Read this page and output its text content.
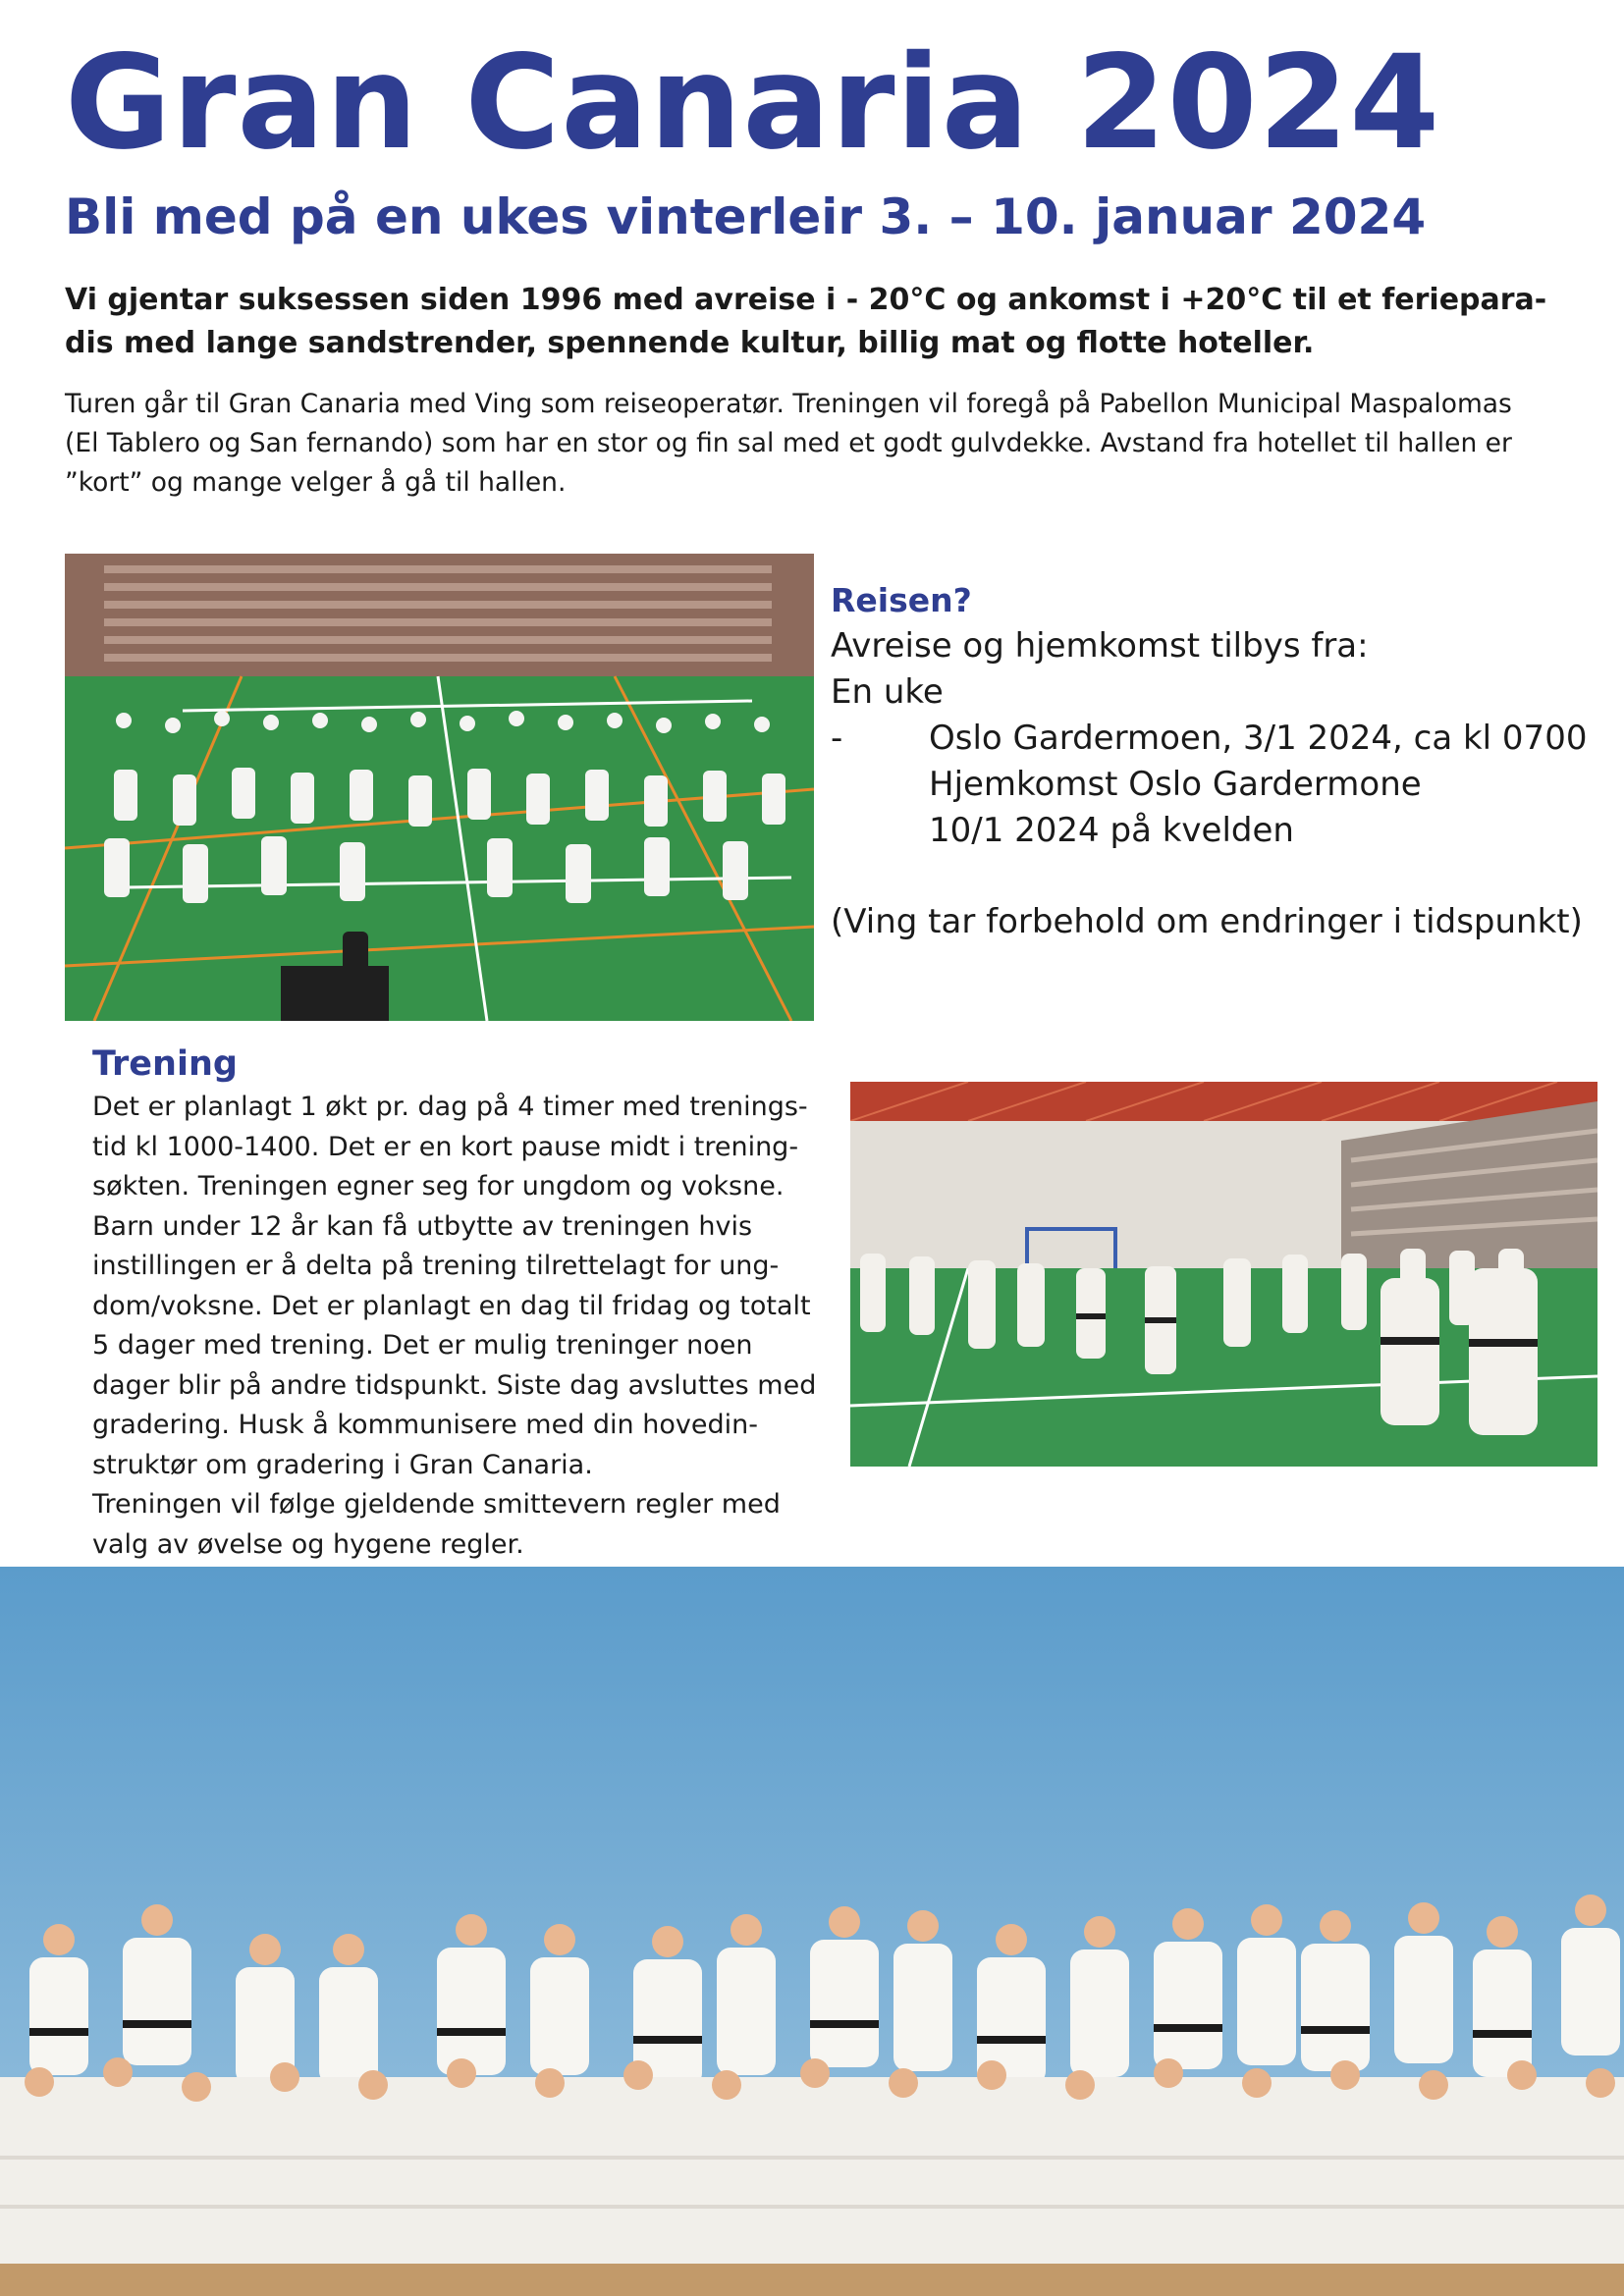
Gran Canaria 2024
Bli med på en ukes vinterleir 3. – 10. januar 2024
Vi gjentar suksessen siden 1996 med avreise i - 20°C og ankomst i +20°C til et feriepara-
dis med lange sandstrender, spennende kultur, billig mat og flotte hoteller.

Turen går til Gran Canaria med Ving som reiseoperatør. Treningen vil foregå på Pabellon Municipal Maspalomas

(El Tablero og San fernando) som har en stor og fin sal med et godt gulvdekke. Avstand fra hotellet til hallen er

”kort” og mange velger å gå til hallen.

Reisen?

Avreise og hjemkomst tilbys fra:

En uke

-	Oslo Gardermoen, 3/1 2024, ca kl 0700

Hjemkomst Oslo Gardermone

10/1 2024 på kvelden

(Ving tar forbehold om endringer i tidspunkt)

Trening

Det er planlagt 1 økt pr. dag på 4 timer med trenings-

tid kl 1000-1400. Det er en kort pause midt i trening-

søkten. Treningen egner seg for ungdom og voksne.

Barn under 12 år kan få utbytte av treningen hvis

instillingen er å delta på trening tilrettelagt for ung-

dom/voksne. Det er planlagt en dag til fridag og totalt

5 dager med trening. Det er mulig treninger noen

dager blir på andre tidspunkt. Siste dag avsluttes med

gradering. Husk å kommunisere med din hovedin-

struktør om gradering i Gran Canaria.

Treningen vil følge gjeldende smittevern regler med

valg av øvelse og hygene regler.
